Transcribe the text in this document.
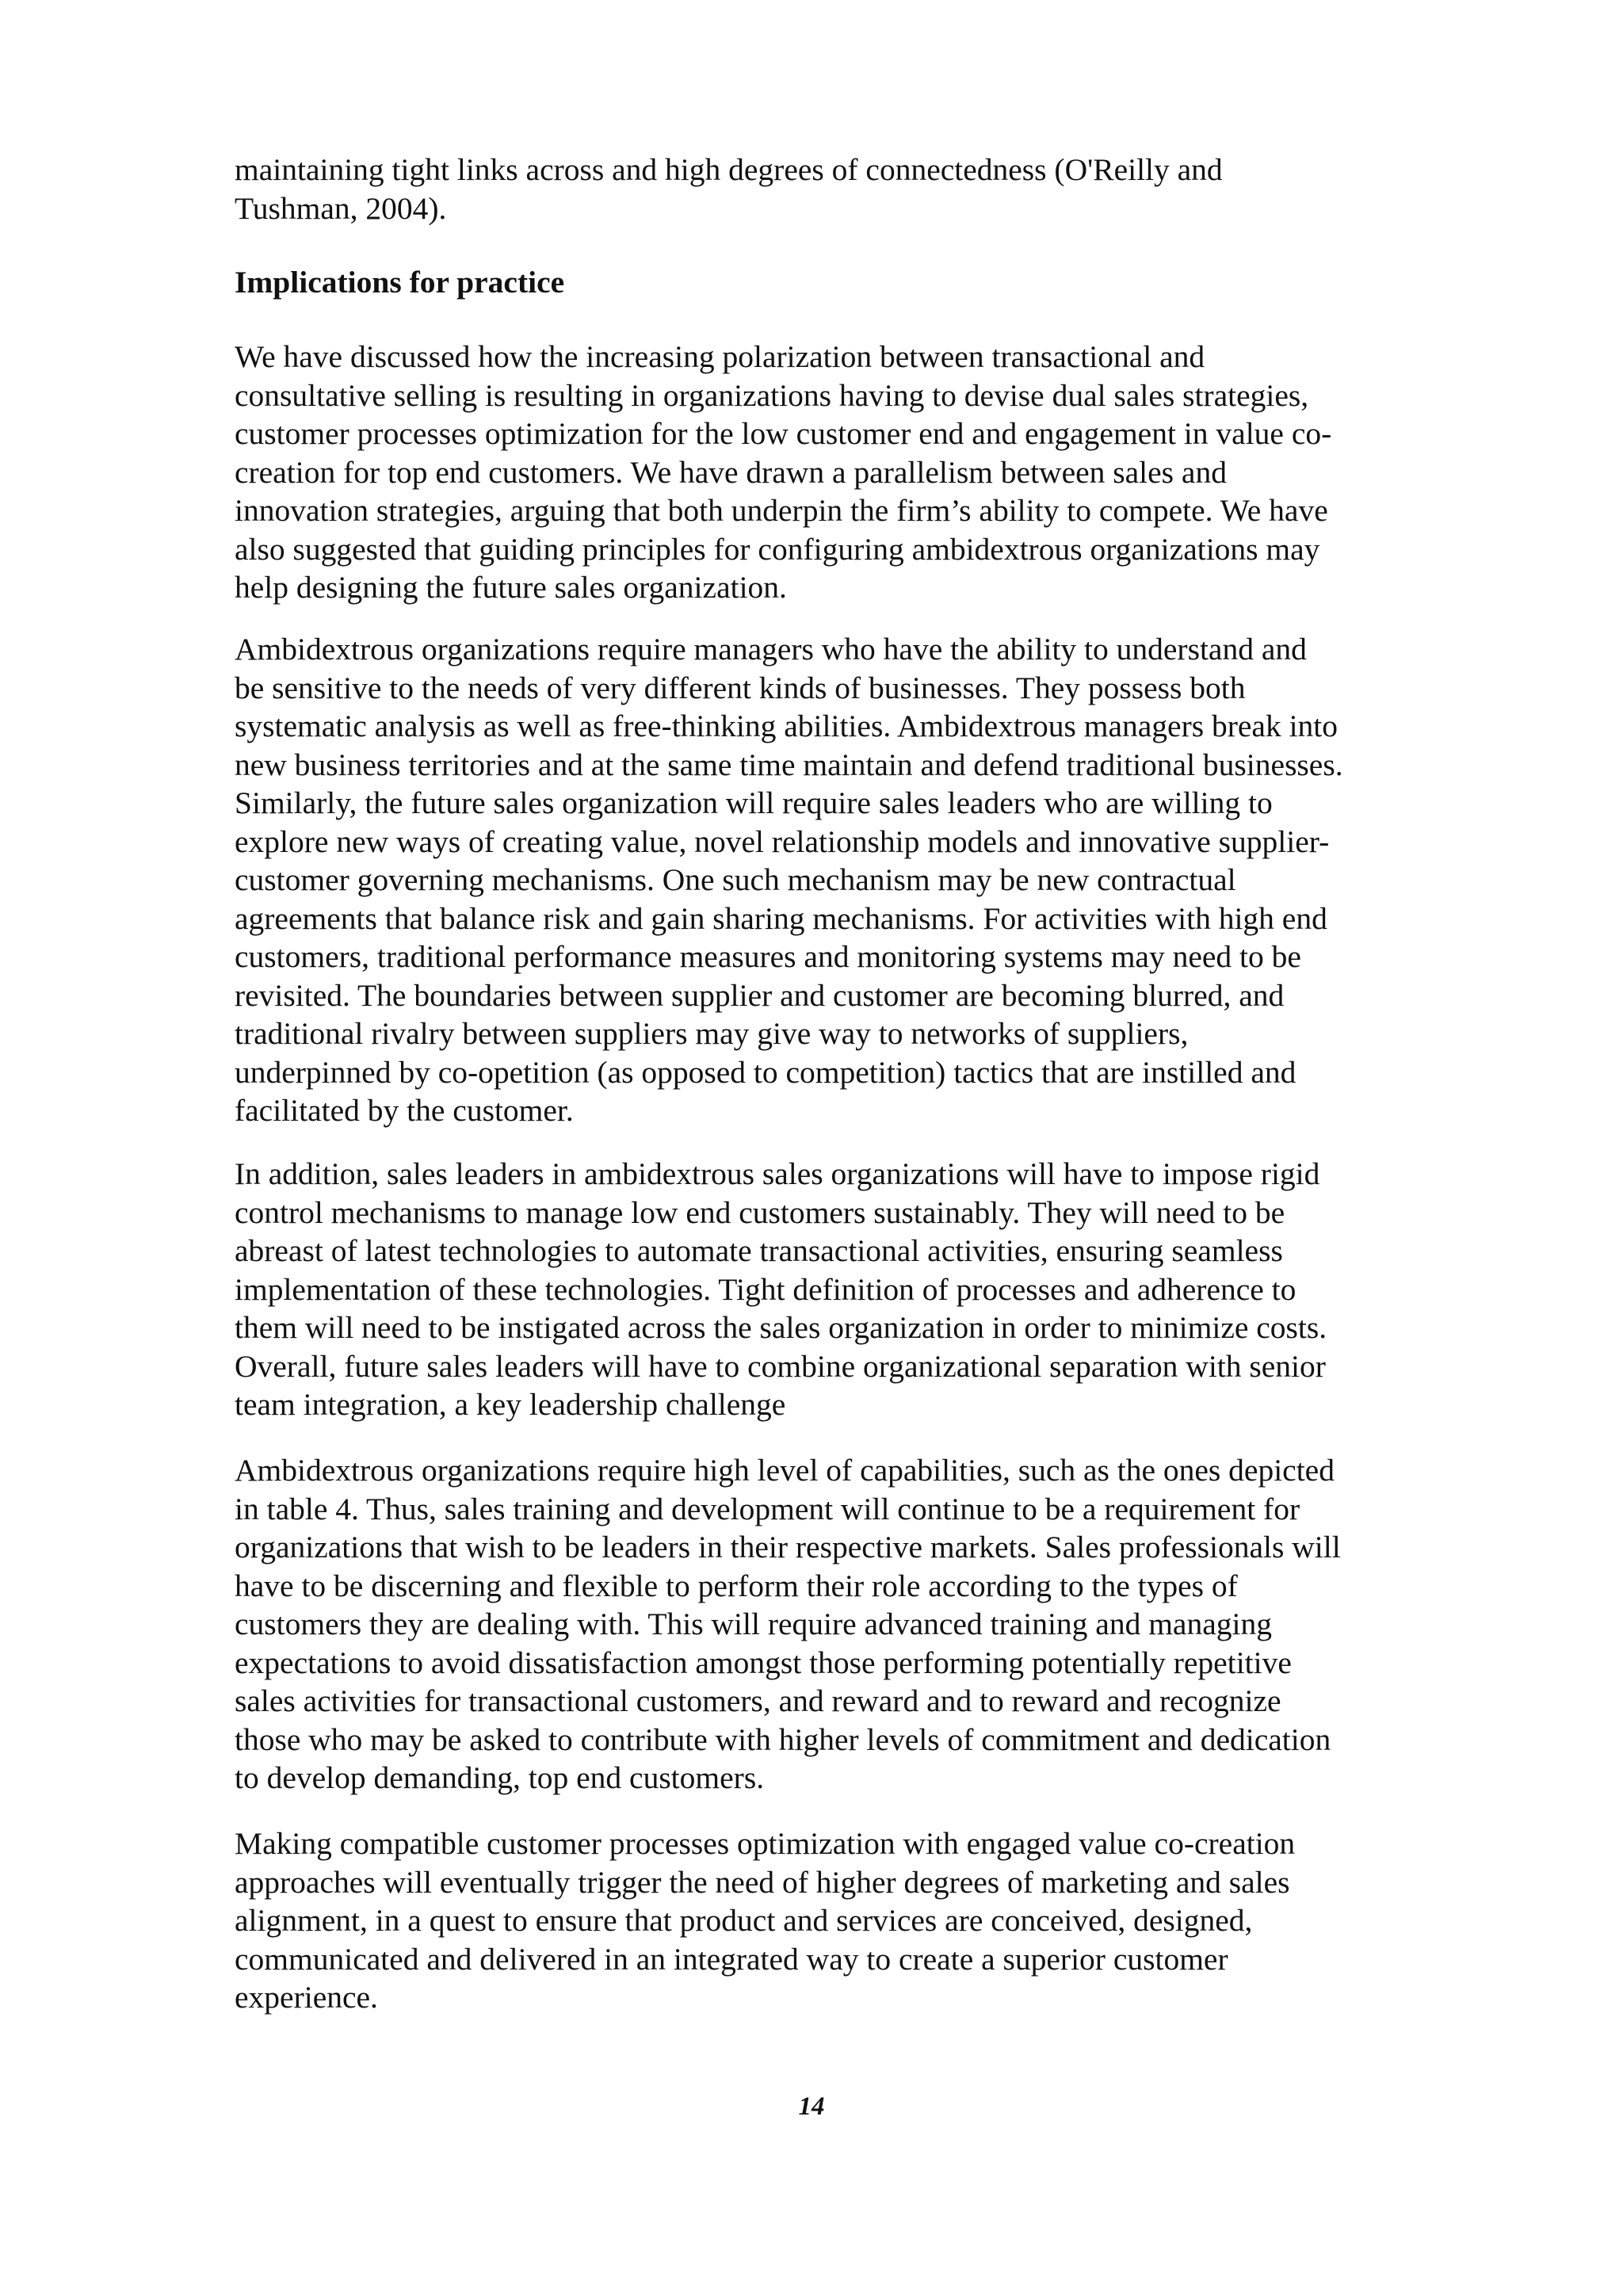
maintaining tight links across and high degrees of connectedness (O'Reilly and
Tushman, 2004).

Implications for practice

We have discussed how the increasing polarization between transactional and
consultative selling is resulting in organizations having to devise dual sales strategies,
customer processes optimization for the low customer end and engagement in value co-
creation for top end customers. We have drawn a parallelism between sales and
innovation strategies, arguing that both underpin the firm’s ability to compete. We have
also suggested that guiding principles for configuring ambidextrous organizations may
help designing the future sales organization.

Ambidextrous organizations require managers who have the ability to understand and
be sensitive to the needs of very different kinds of businesses. They possess both
systematic analysis as well as free-thinking abilities. Ambidextrous managers break into
new business territories and at the same time maintain and defend traditional businesses.
Similarly, the future sales organization will require sales leaders who are willing to
explore new ways of creating value, novel relationship models and innovative supplier-
customer governing mechanisms. One such mechanism may be new contractual
agreements that balance risk and gain sharing mechanisms. For activities with high end
customers, traditional performance measures and monitoring systems may need to be
revisited. The boundaries between supplier and customer are becoming blurred, and
traditional rivalry between suppliers may give way to networks of suppliers,
underpinned by co-opetition (as opposed to competition) tactics that are instilled and
facilitated by the customer.

In addition, sales leaders in ambidextrous sales organizations will have to impose rigid
control mechanisms to manage low end customers sustainably. They will need to be
abreast of latest technologies to automate transactional activities, ensuring seamless
implementation of these technologies. Tight definition of processes and adherence to
them will need to be instigated across the sales organization in order to minimize costs.
Overall, future sales leaders will have to combine organizational separation with senior
team integration, a key leadership challenge

Ambidextrous organizations require high level of capabilities, such as the ones depicted
in table 4. Thus, sales training and development will continue to be a requirement for
organizations that wish to be leaders in their respective markets. Sales professionals will
have to be discerning and flexible to perform their role according to the types of
customers they are dealing with. This will require advanced training and managing
expectations to avoid dissatisfaction amongst those performing potentially repetitive
sales activities for transactional customers, and reward and to reward and recognize
those who may be asked to contribute with higher levels of commitment and dedication
to develop demanding, top end customers.

Making compatible customer processes optimization with engaged value co-creation
approaches will eventually trigger the need of higher degrees of marketing and sales
alignment, in a quest to ensure that product and services are conceived, designed,
communicated and delivered in an integrated way to create a superior customer
experience.

14
